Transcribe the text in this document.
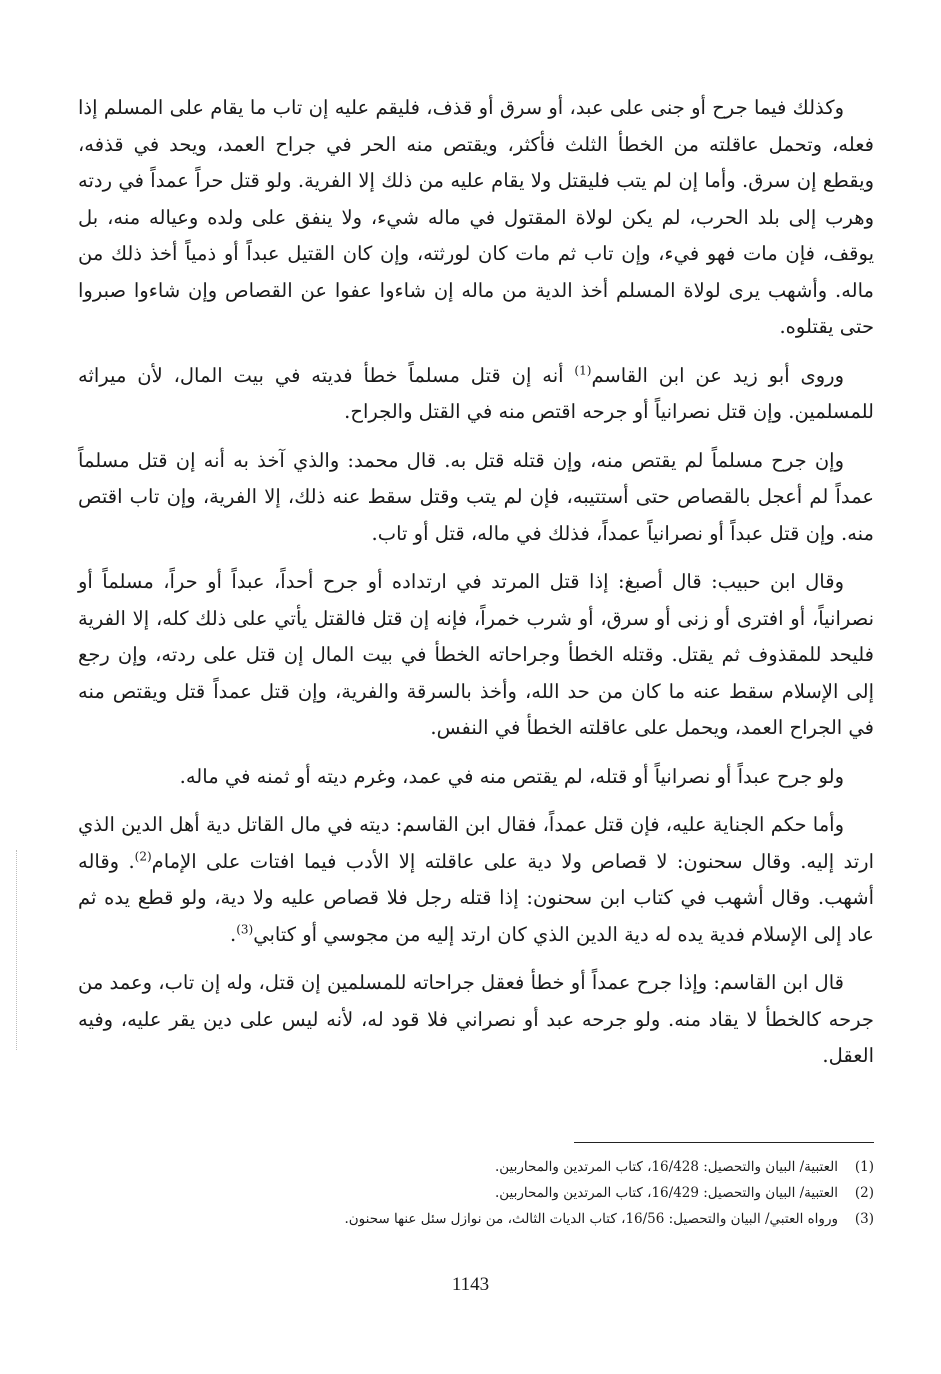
وكذلك فيما جرح أو جنى على عبد، أو سرق أو قذف، فليقم عليه إن تاب ما يقام على المسلم إذا فعله، وتحمل عاقلته من الخطأ الثلث فأكثر، ويقتص منه الحر في جراح العمد، ويحد في قذفه، ويقطع إن سرق. وأما إن لم يتب فليقتل ولا يقام عليه من ذلك إلا الفرية. ولو قتل حراً عمداً في ردته وهرب إلى بلد الحرب، لم يكن لولاة المقتول في ماله شيء، ولا ينفق على ولده وعياله منه، بل يوقف، فإن مات فهو فيء، وإن تاب ثم مات كان لورثته، وإن كان القتيل عبداً أو ذمياً أخذ ذلك من ماله. وأشهب يرى لولاة المسلم أخذ الدية من ماله إن شاءوا عفوا عن القصاص وإن شاءوا صبروا حتى يقتلوه.

وروى أبو زيد عن ابن القاسم$^{(1)}$ أنه إن قتل مسلماً خطأ فديته في بيت المال، لأن ميراثه للمسلمين. وإن قتل نصرانياً أو جرحه اقتص منه في القتل والجراح.

وإن جرح مسلماً لم يقتص منه، وإن قتله قتل به. قال محمد: والذي آخذ به أنه إن قتل مسلماً عمداً لم أعجل بالقصاص حتى أستتيبه، فإن لم يتب وقتل سقط عنه ذلك، إلا الفرية، وإن تاب اقتص منه. وإن قتل عبداً أو نصرانياً عمداً، فذلك في ماله، قتل أو تاب.

وقال ابن حبيب: قال أصبغ: إذا قتل المرتد في ارتداده أو جرح أحداً، عبداً أو حراً، مسلماً أو نصرانياً، أو افترى أو زنى أو سرق، أو شرب خمراً، فإنه إن قتل فالقتل يأتي على ذلك كله، إلا الفرية فليحد للمقذوف ثم يقتل. وقتله الخطأ وجراحاته الخطأ في بيت المال إن قتل على ردته، وإن رجع إلى الإسلام سقط عنه ما كان من حد الله، وأخذ بالسرقة والفرية، وإن قتل عمداً قتل ويقتص منه في الجراح العمد، ويحمل على عاقلته الخطأ في النفس.

ولو جرح عبداً أو نصرانياً أو قتله، لم يقتص منه في عمد، وغرم ديته أو ثمنه في ماله.

وأما حكم الجناية عليه، فإن قتل عمداً، فقال ابن القاسم: ديته في مال القاتل دية أهل الدين الذي ارتد إليه. وقال سحنون: لا قصاص ولا دية على عاقلته إلا الأدب فيما افتات على الإمام$^{(2)}$. وقاله أشهب. وقال أشهب في كتاب ابن سحنون: إذا قتله رجل فلا قصاص عليه ولا دية، ولو قطع يده ثم عاد إلى الإسلام فدية يده له دية الدين الذي كان ارتد إليه من مجوسي أو كتابي$^{(3)}$.

قال ابن القاسم: وإذا جرح عمداً أو خطأ فعقل جراحاته للمسلمين إن قتل، وله إن تاب، وعمد من جرحه كالخطأ لا يقاد منه. ولو جرحه عبد أو نصراني فلا قود له، لأنه ليس على دين يقر عليه، وفيه العقل.

(1)
العتبية/ البيان والتحصيل: 16/428، كتاب المرتدين والمحاربين.
(2)
العتبية/ البيان والتحصيل: 16/429، كتاب المرتدين والمحاربين.
(3)
ورواه العتبي/ البيان والتحصيل: 16/56، كتاب الديات الثالث، من نوازل سئل عنها سحنون.
1143
